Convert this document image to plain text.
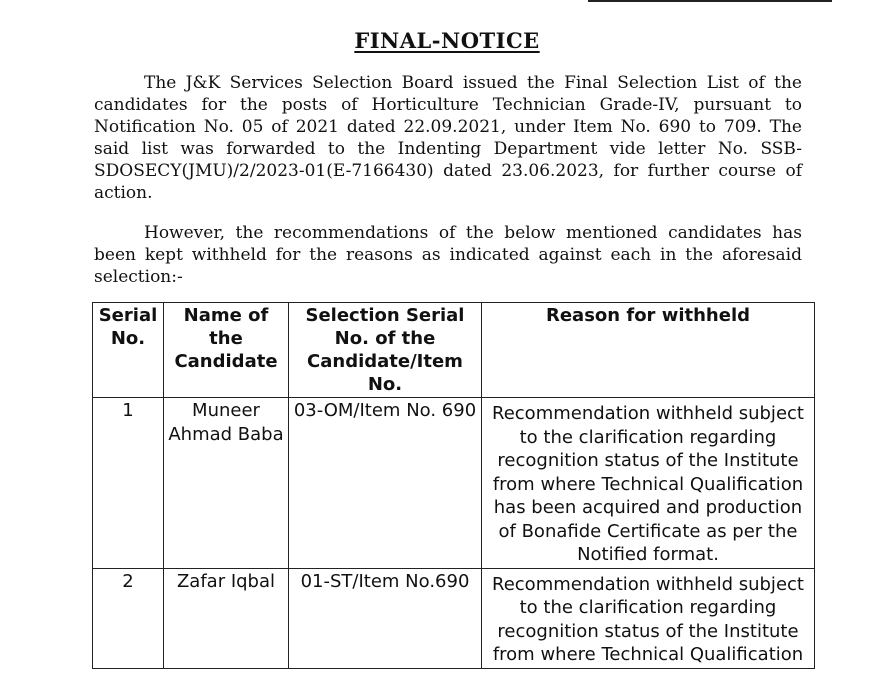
FINAL-NOTICE

The J&K Services Selection Board issued the Final Selection List of the candidates for the posts of Horticulture Technician Grade-IV, pursuant to Notification No. 05 of 2021 dated 22.09.2021, under Item No. 690 to 709. The said list was forwarded to the Indenting Department vide letter No. SSB-SDOSECY(JMU)/2/2023-01(E-7166430) dated 23.06.2023, for further course of action.

However, the recommendations of the below mentioned candidates has been kept withheld for the reasons as indicated against each in the aforesaid selection:-

Serial No.	Name of the Candidate	Selection Serial No. of the Candidate/Item No.	Reason for withheld
1	Muneer Ahmad Baba	03-OM/Item No. 690	Recommendation withheld subject to the clarification regarding recognition status of the Institute from where Technical Qualification has been acquired and production of Bonafide Certificate as per the Notified format.
2	Zafar Iqbal	01-ST/Item No.690	Recommendation withheld subject to the clarification regarding recognition status of the Institute from where Technical Qualification
